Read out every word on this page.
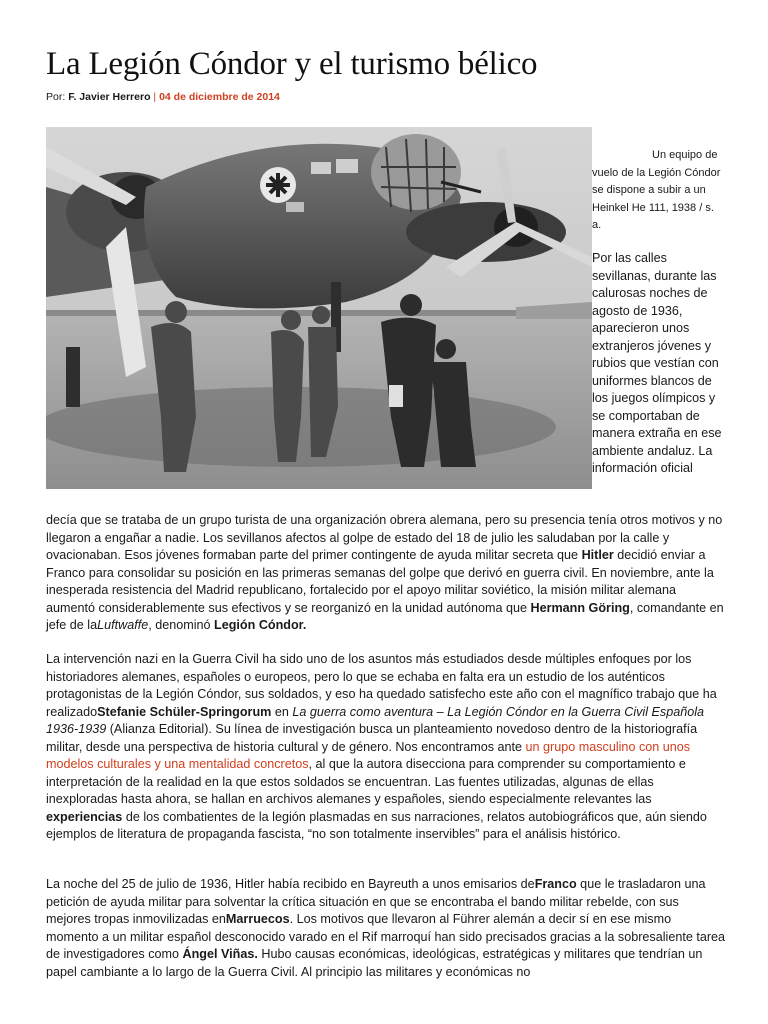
La Legión Cóndor y el turismo bélico
Por: F. Javier Herrero | 04 de diciembre de 2014
Un equipo de vuelo de la Legión Cóndor se dispone a subir a un Heinkel He 111, 1938 / s. a.
Por las calles sevillanas, durante las calurosas noches de agosto de 1936, aparecieron unos extranjeros jóvenes y rubios que vestían con uniformes blancos de los juegos olímpicos y se comportaban de manera extraña en ese ambiente andaluz. La información oficial

decía que se trataba de un grupo turista de una organización obrera alemana, pero su presencia tenía otros motivos y no llegaron a engañar a nadie. Los sevillanos afectos al golpe de estado del 18 de julio les saludaban por la calle y ovacionaban. Esos jóvenes formaban parte del primer contingente de ayuda militar secreta que Hitler decidió enviar a Franco para consolidar su posición en las primeras semanas del golpe que derivó en guerra civil. En noviembre, ante la inesperada resistencia del Madrid republicano, fortalecido por el apoyo militar soviético, la misión militar alemana aumentó considerablemente sus efectivos y se reorganizó en la unidad autónoma que Hermann Göring, comandante en jefe de laLuftwaffe, denominó Legión Cóndor.

La intervención nazi en la Guerra Civil ha sido uno de los asuntos más estudiados desde múltiples enfoques por los historiadores alemanes, españoles o europeos, pero lo que se echaba en falta era un estudio de los auténticos protagonistas de la Legión Cóndor, sus soldados, y eso ha quedado satisfecho este año con el magnífico trabajo que ha realizadoStefanie Schüler-Springorum en La guerra como aventura – La Legión Cóndor en la Guerra Civil Española 1936-1939 (Alianza Editorial). Su línea de investigación busca un planteamiento novedoso dentro de la historiografía militar, desde una perspectiva de historia cultural y de género. Nos encontramos ante un grupo masculino con unos modelos culturales y una mentalidad concretos, al que la autora disecciona para comprender su comportamiento e interpretación de la realidad en la que estos soldados se encuentran. Las fuentes utilizadas, algunas de ellas inexploradas hasta ahora, se hallan en archivos alemanes y españoles, siendo especialmente relevantes las experiencias de los combatientes de la legión plasmadas en sus narraciones, relatos autobiográficos que, aún siendo ejemplos de literatura de propaganda fascista, “no son totalmente inservibles” para el análisis histórico.

La noche del 25 de julio de 1936, Hitler había recibido en Bayreuth a unos emisarios deFranco que le trasladaron una petición de ayuda militar para solventar la crítica situación en que se encontraba el bando militar rebelde, con sus mejores tropas inmovilizadas enMarruecos. Los motivos que llevaron al Führer alemán a decir sí en ese mismo momento a un militar español desconocido varado en el Rif marroquí han sido precisados gracias a la sobresaliente tarea de investigadores como Ángel Viñas. Hubo causas económicas, ideológicas, estratégicas y militares que tendrían un papel cambiante a lo largo de la Guerra Civil. Al principio las militares y económicas no
